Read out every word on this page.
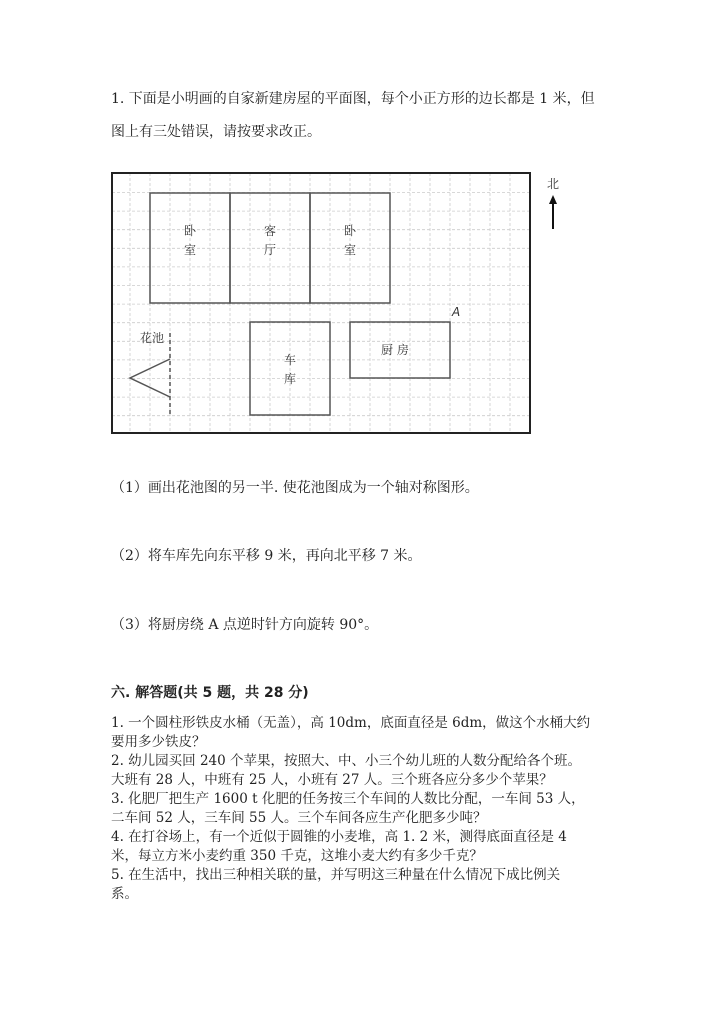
1. 下面是小明画的自家新建房屋的平面图，每个小正方形的边长都是 1 米，但
图上有三处错误，请按要求改正。
卧
室
客
厅
卧
室
车
库
厨 房
花池
A
北
（1）画出花池图的另一半. 使花池图成为一个轴对称图形。
（2）将车库先向东平移 9 米，再向北平移 7 米。
（3）将厨房绕 A 点逆时针方向旋转 90°。
六. 解答题(共 5 题，共 28 分)
1. 一个圆柱形铁皮水桶（无盖），高 10dm，底面直径是 6dm，做这个水桶大约
要用多少铁皮？
2. 幼儿园买回 240 个苹果，按照大、中、小三个幼儿班的人数分配给各个班。
大班有 28 人，中班有 25 人，小班有 27 人。三个班各应分多少个苹果？
3. 化肥厂把生产 1600 t 化肥的任务按三个车间的人数比分配，一车间 53 人，
二车间 52 人，三车间 55 人。三个车间各应生产化肥多少吨？
4. 在打谷场上，有一个近似于圆锥的小麦堆，高 1. 2 米，测得底面直径是 4
米，每立方米小麦约重 350 千克，这堆小麦大约有多少千克？
5. 在生活中，找出三种相关联的量，并写明这三种量在什么情况下成比例关
系。
